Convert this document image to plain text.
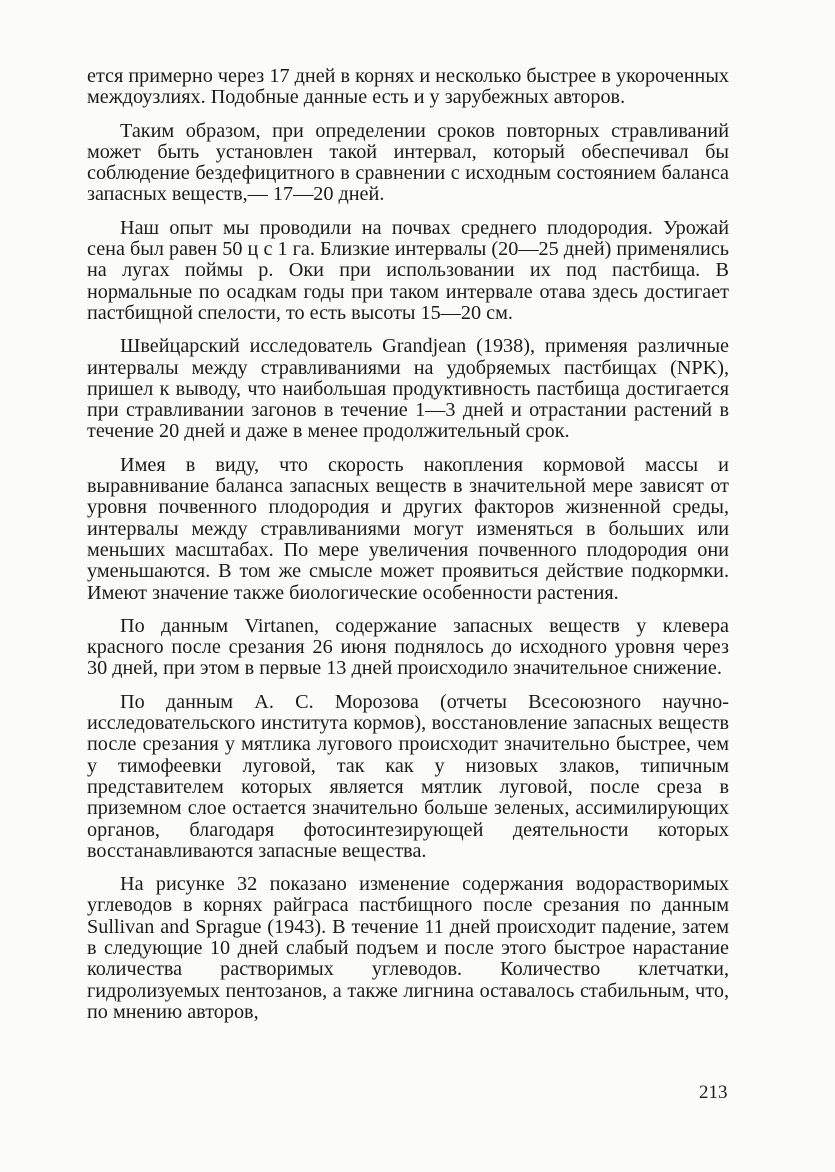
ется примерно через 17 дней в корнях и несколько быстрее в укороченных междоузлиях. Подобные данные есть и у зарубежных авторов.

Таким образом, при определении сроков повторных стравливаний может быть установлен такой интервал, который обеспечивал бы соблюдение бездефицитного в сравнении с исходным состоянием баланса запасных веществ,— 17—20 дней.

Наш опыт мы проводили на почвах среднего плодородия. Урожай сена был равен 50 ц с 1 га. Близкие интервалы (20—25 дней) применялись на лугах поймы р. Оки при использовании их под пастбища. В нормальные по осадкам годы при таком интервале отава здесь достигает пастбищной спелости, то есть высоты 15—20 см.

Швейцарский исследователь Grandjean (1938), применяя различные интервалы между стравливаниями на удобряемых пастбищах (NPK), пришел к выводу, что наибольшая продуктивность пастбища достигается при стравливании загонов в течение 1—3 дней и отрастании растений в течение 20 дней и даже в менее продолжительный срок.

Имея в виду, что скорость накопления кормовой массы и выравнивание баланса запасных веществ в значительной мере зависят от уровня почвенного плодородия и других факторов жизненной среды, интервалы между стравливаниями могут изменяться в больших или меньших масштабах. По мере увеличения почвенного плодородия они уменьшаются. В том же смысле может проявиться действие подкормки. Имеют значение также биологические особенности растения.

По данным Virtanen, содержание запасных веществ у клевера красного после срезания 26 июня поднялось до исходного уровня через 30 дней, при этом в первые 13 дней происходило значительное снижение.

По данным А. С. Морозова (отчеты Всесоюзного научно-исследовательского института кормов), восстановление запасных веществ после срезания у мятлика лугового происходит значительно быстрее, чем у тимофеевки луговой, так как у низовых злаков, типичным представителем которых является мятлик луговой, после среза в приземном слое остается значительно больше зеленых, ассимилирующих органов, благодаря фотосинтезирующей деятельности которых восстанавливаются запасные вещества.

На рисунке 32 показано изменение содержания водорастворимых углеводов в корнях райграса пастбищного после срезания по данным Sullivan and Sprague (1943). В течение 11 дней происходит падение, затем в следующие 10 дней слабый подъем и после этого быстрое нарастание количества растворимых углеводов. Количество клетчатки, гидролизуемых пентозанов, а также лигнина оставалось стабильным, что, по мнению авторов,

213
